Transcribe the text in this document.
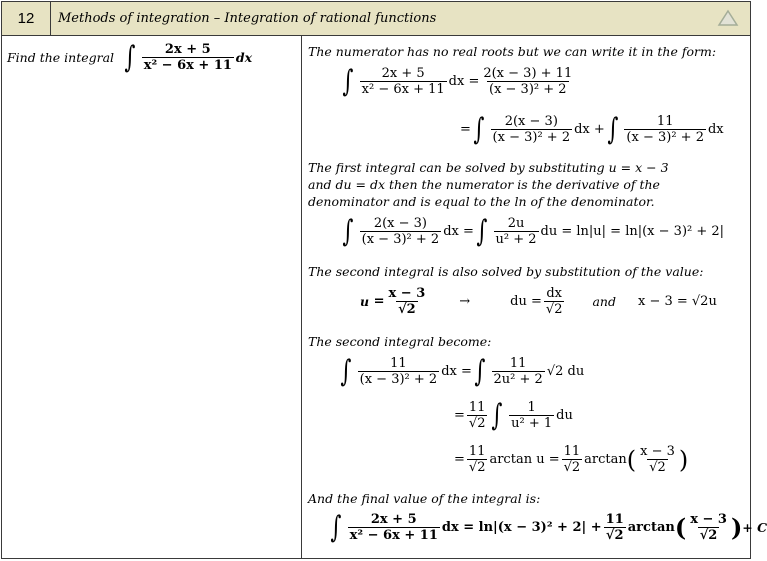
12	Methods of integration – Integration of rational functions
Find the integral ∫ $\frac{2x + 5}{\text{x² − 6x + 11}}$ dx	The numerator has no real roots but we can write it in the form:
∫ $\frac{2x + 5}{\text{x² − 6x + 11}}$ dx = $\frac{2(x - 3) + 11}{\text{(x − 3)² + 2}}$
= ∫ $\frac{2(x - 3)}{\text{(x − 3)² + 2}}$ dx + ∫ $\frac{11}{\text{(x − 3)² + 2}}$ dx
The first integral can be solved by substituting u = x − 3
and du = dx then the numerator is the derivative of the
denominator and is equal to the ln of the denominator.
∫ $\frac{2(x - 3)}{\text{(x − 3)² + 2}}$ dx = ∫ $\frac{2u}{\text{u² + 2}}$ du = ln|u| = ln|(x − 3)² + 2|
The second integral is also solved by substitution of the value:
$u = \frac{x - 3}{√2}$ →	du = $\frac{dx}{√2}$ and x − 3 = √2u
The second integral become:
∫ $\frac{11}{\text{(x − 3)² + 2}}$ dx = ∫ $\frac{11}{\text{2u² + 2}} √2$ du
= $\frac{11}{√2}$ ∫ $\frac{1}{\text{u² + 1}}$ du
= $\frac{11}{√2}$ $\arctan u = \frac{11}{√2}$ arctan ( $\frac{x - 3}{√2}$ )
And the final value of the integral is:
∫ $\frac{2x + 5}{\text{x² − 6x + 11}}$ dx = $\ln|(x - 3)^2 + 2| + \frac{11}{√2}$ arctan ( $\frac{x - 3}{√2}$ ) + C
